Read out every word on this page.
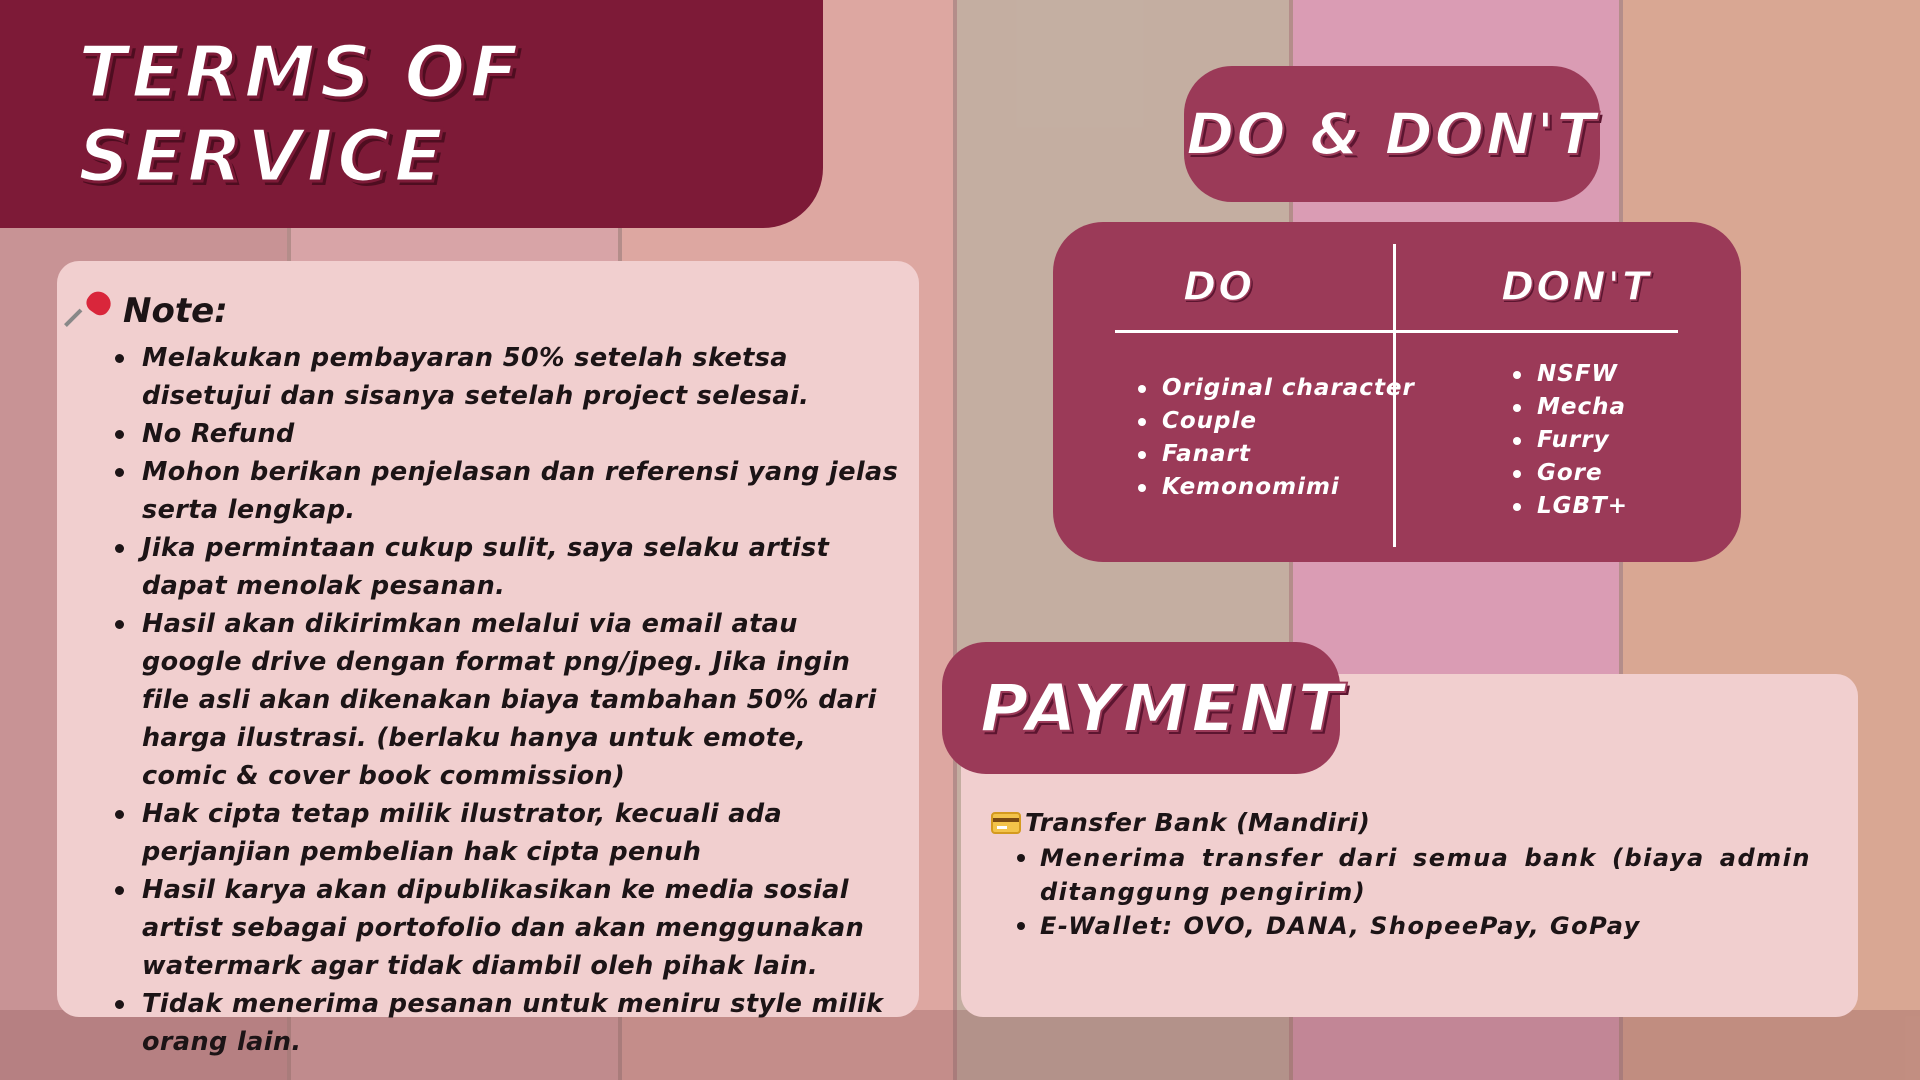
TERMS OF SERVICE
Note:
Melakukan pembayaran 50% setelah sketsa disetujui dan sisanya setelah project selesai.
No Refund
Mohon berikan penjelasan dan referensi yang jelas serta lengkap.
Jika permintaan cukup sulit, saya selaku artist dapat menolak pesanan.
Hasil akan dikirimkan melalui via email atau google drive dengan format png/jpeg. Jika ingin file asli akan dikenakan biaya tambahan 50% dari harga ilustrasi. (berlaku hanya untuk emote, comic & cover book commission)
Hak cipta tetap milik ilustrator, kecuali ada perjanjian pembelian hak cipta penuh
Hasil karya akan dipublikasikan ke media sosial artist sebagai portofolio dan akan menggunakan watermark agar tidak diambil oleh pihak lain.
Tidak menerima pesanan untuk meniru style milik orang lain.
DO & DON'T
DO	DON'T
Original character
Couple
Fanart
Kemonomimi
NSFW
Mecha
Furry
Gore
LGBT+
PAYMENT
Transfer Bank (Mandiri)
Menerima transfer dari semua bank (biaya admin ditanggung pengirim)
E-Wallet: OVO, DANA, ShopeePay, GoPay
